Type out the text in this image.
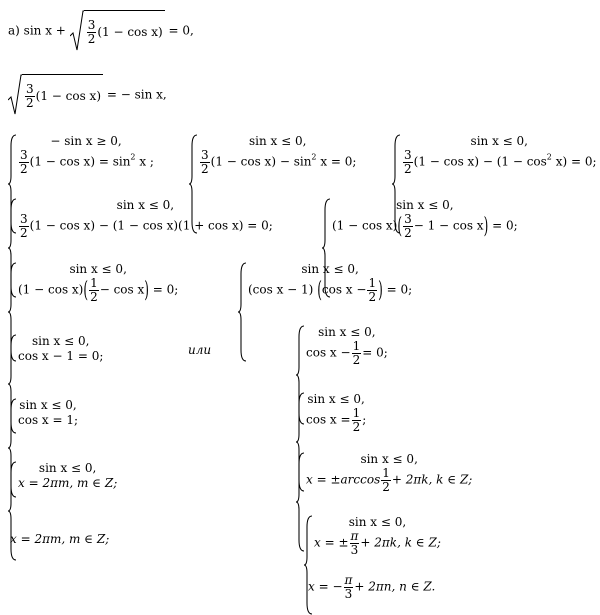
а) $\sin x + \frac{3}{2} (1 - \cos x) = 0$,
$\frac{3}{2} (1 - \cos x)$ = − sin x,
− sin x ≥ 0,
$\frac{3}{2} (1 - \cos x) = \sin^2 x$ ;
sin x ≤ 0,
$\frac{3}{2} (1 - \cos x) - \sin^2 x = 0$;
sin x ≤ 0,
$\frac{3}{2} (1 - \cos x) - (1 - \cos^2 x) = 0$;
sin x ≤ 0,
$\frac{3}{2} (1 - \cos x) - (1 - \cos x)(1 + \cos x) = 0$;
sin x ≤ 0,
$(1 - \cos x)( \frac{3}{2} - 1 - \cos x) = 0$;
sin x ≤ 0,
$(1 - \cos x)( \frac{1}{2} - \cos x) = 0$;
sin x ≤ 0,
(cos x − 1) (cos $x - \frac{1}{2}$ ) = 0;
sin x ≤ 0,
cos x − 1 = 0;	или
sin x ≤ 0,
$\cos x - \frac{1}{2} = 0$;
sin x ≤ 0,
cos x = 1;
sin x ≤ 0,
$\cos x = \frac{1}{2}$ ;
sin x ≤ 0,
x = 2πm, m ∈ Z;
sin x ≤ 0,
$x = \pm\arccos \frac{1}{2} + 2\pi k$, k ∈ Z;
x = 2πm, m ∈ Z;
sin x ≤ 0,
x = ± $\frac{\pi}{3} + 2\pi k$, k ∈ Z;
x = − $\frac{\pi}{3} + 2\pi n$, n ∈ Z.
